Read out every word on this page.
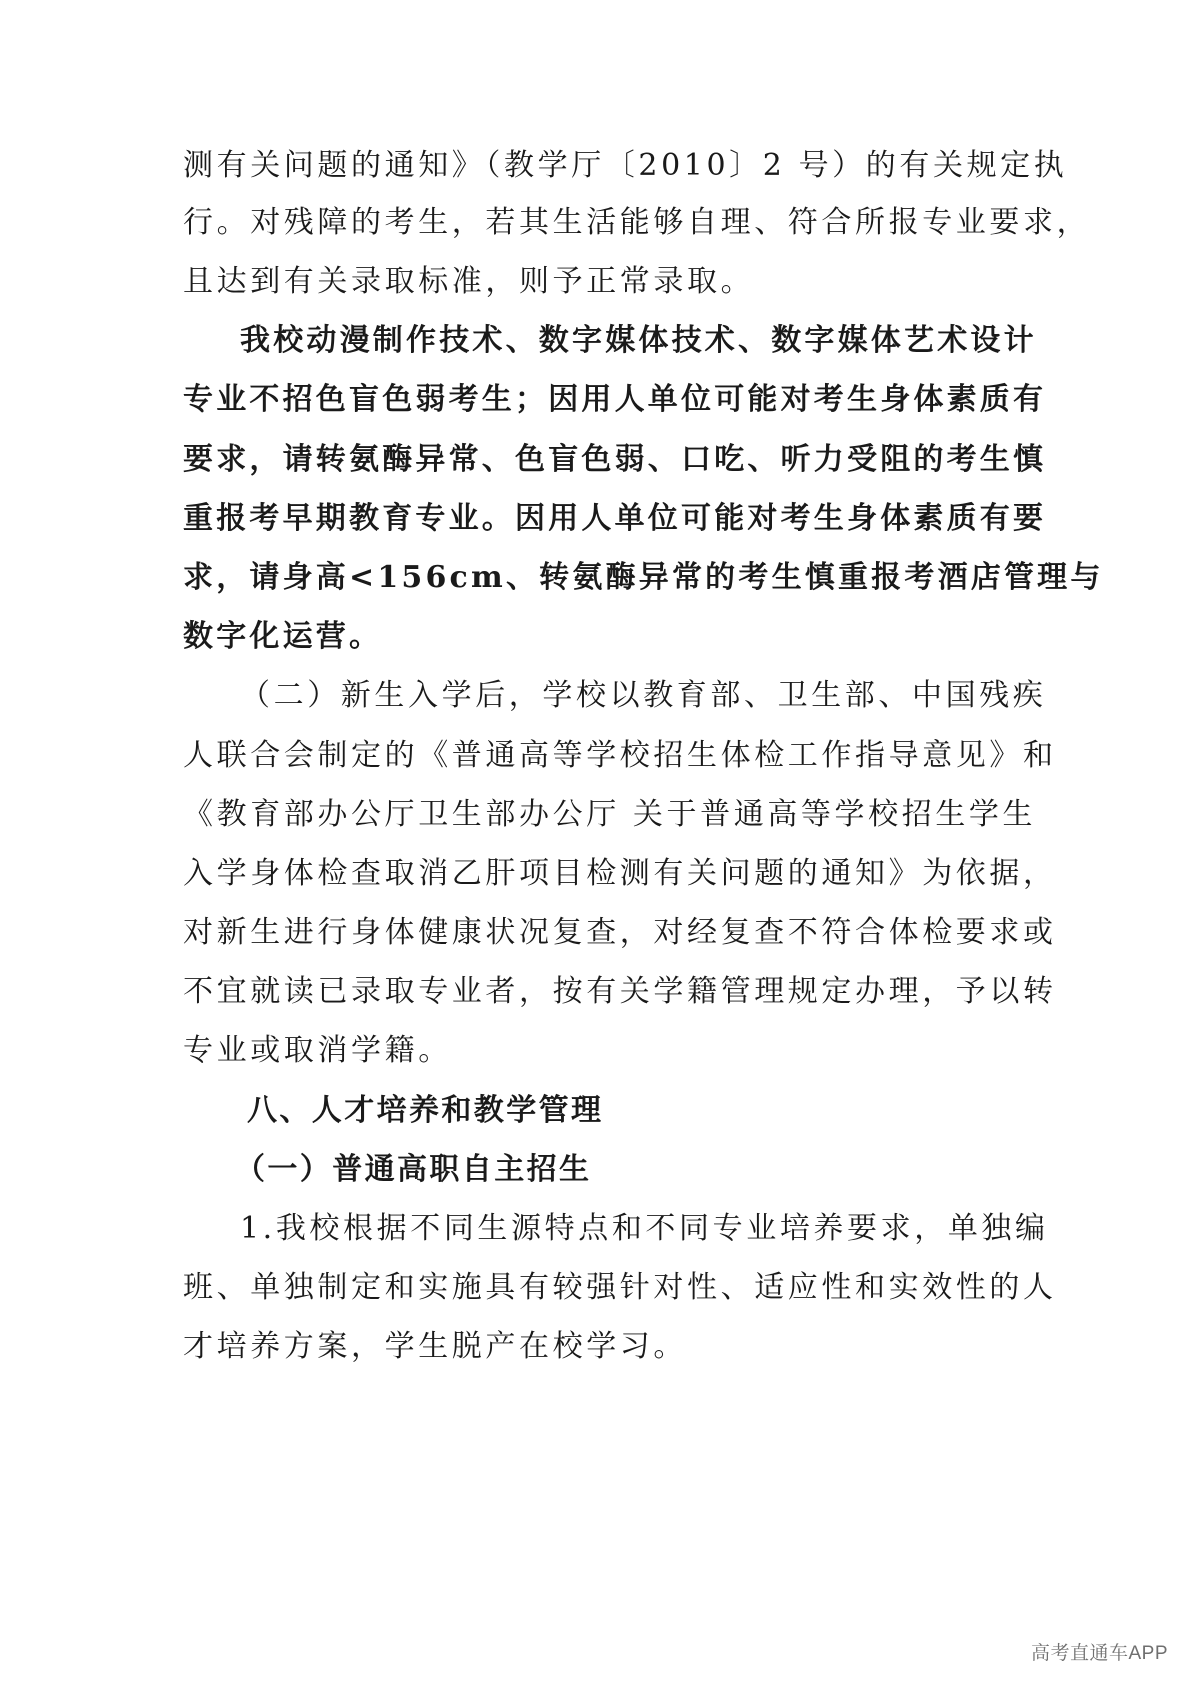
测有关问题的通知》（教学厅〔2010〕2 号）的有关规定执
行。对残障的考生，若其生活能够自理、符合所报专业要求，
且达到有关录取标准，则予正常录取。
我校动漫制作技术、数字媒体技术、数字媒体艺术设计
专业不招色盲色弱考生；因用人单位可能对考生身体素质有
要求，请转氨酶异常、色盲色弱、口吃、听力受阻的考生慎
重报考早期教育专业。因用人单位可能对考生身体素质有要
求，请身高<156cm、转氨酶异常的考生慎重报考酒店管理与
数字化运营。
（二）新生入学后，学校以教育部、卫生部、中国残疾
人联合会制定的《普通高等学校招生体检工作指导意见》和
《教育部办公厅卫生部办公厅 关于普通高等学校招生学生
入学身体检查取消乙肝项目检测有关问题的通知》为依据，
对新生进行身体健康状况复查，对经复查不符合体检要求或
不宜就读已录取专业者，按有关学籍管理规定办理，予以转
专业或取消学籍。
八、人才培养和教学管理
（一）普通高职自主招生
1.我校根据不同生源特点和不同专业培养要求，单独编
班、单独制定和实施具有较强针对性、适应性和实效性的人
才培养方案，学生脱产在校学习。
高考直通车APP
